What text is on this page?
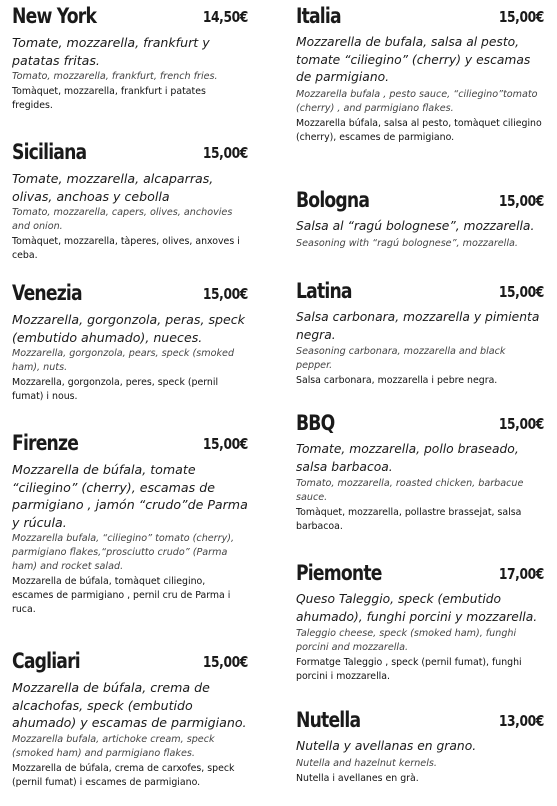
New York	14,50€

Tomate, mozzarella, frankfurt y patatas fritas.

Tomato, mozzarella, frankfurt, french fries.

Tomàquet, mozzarella, frankfurt i patates fregides.

Siciliana	15,00€

Tomate, mozzarella, alcaparras, olivas, anchoas y cebolla

Tomato, mozzarella, capers, olives, anchovies and onion.

Tomàquet, mozzarella, tàperes, olives, anxoves i ceba.

Venezia	15,00€

Mozzarella, gorgonzola, peras, speck (embutido ahumado), nueces.

Mozzarella, gorgonzola, pears, speck (smoked ham), nuts.

Mozzarella, gorgonzola, peres, speck (pernil fumat) i nous.

Firenze	15,00€

Mozzarella de búfala, tomate “ciliegino” (cherry), escamas de parmigiano , jamón “crudo”de Parma y rúcula.

Mozzarella bufala, “ciliegino” tomato (cherry), parmigiano flakes,“prosciutto crudo” (Parma ham) and rocket salad.

Mozzarella de búfala, tomàquet ciliegino, escames de parmigiano , pernil cru de Parma i ruca.

Cagliari	15,00€

Mozzarella de búfala, crema de alcachofas, speck (embutido ahumado) y escamas de parmigiano.

Mozzarella bufala, artichoke cream, speck (smoked ham) and parmigiano flakes.

Mozzarella de búfala, crema de carxofes, speck (pernil fumat) i escames de parmigiano.

Italia	15,00€

Mozzarella de bufala, salsa al pesto, tomate “ciliegino” (cherry) y escamas de parmigiano.

Mozzarella bufala , pesto sauce, “ciliegino”tomato (cherry) , and parmigiano flakes.

Mozzarella búfala, salsa al pesto, tomàquet ciliegino (cherry), escames de parmigiano.

Bologna	15,00€

Salsa al “ragú bolognese”, mozzarella.

Seasoning with “ragú bolognese”, mozzarella.

Latina	15,00€

Salsa carbonara, mozzarella y pimienta negra.

Seasoning carbonara, mozzarella and black pepper.

Salsa carbonara, mozzarella i pebre negra.

BBQ	15,00€

Tomate, mozzarella, pollo braseado, salsa barbacoa.

Tomato, mozzarella, roasted chicken, barbacue sauce.

Tomàquet, mozzarella, pollastre brassejat, salsa barbacoa.

Piemonte	17,00€

Queso Taleggio, speck (embutido ahumado), funghi porcini y mozzarella.

Taleggio cheese, speck (smoked ham), funghi porcini and mozzarella.

Formatge Taleggio , speck (pernil fumat), funghi porcini i mozzarella.

Nutella	13,00€

Nutella y avellanas en grano.

Nutella and hazelnut kernels.

Nutella i avellanes en grà.
